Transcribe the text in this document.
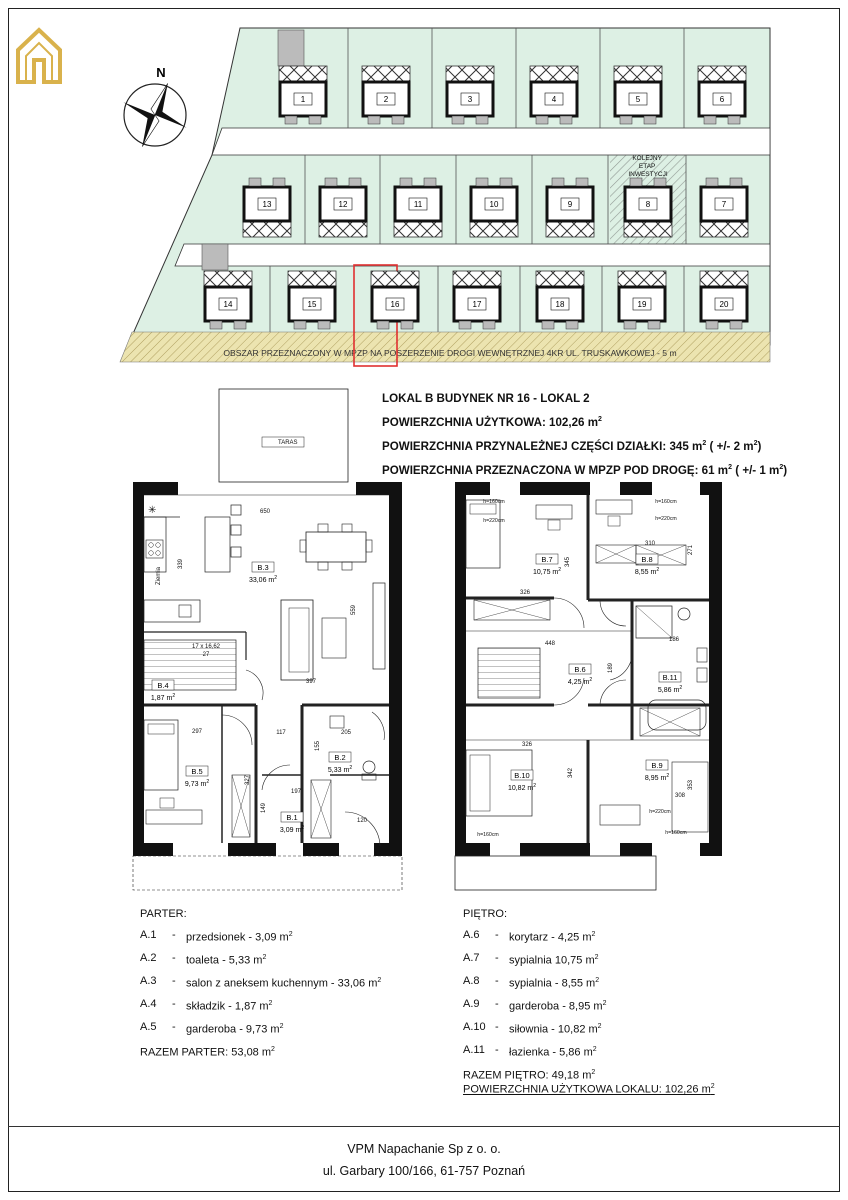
KOLEJNY ETAP INWESTYCJI
OBSZAR PRZEZNACZONY W MPZP NA POSZERZENIE DROGI WEWNĘTRZNEJ 4KR UL. TRUSKAWKOWEJ - 5 m
N
1	2	3	4	5	6
13	12	11	10	9	8	7
14	15	16	17	18	19	20
LOKAL B BUDYNEK NR 16 - LOKAL 2
POWIERZCHNIA UŻYTKOWA: 102,26 $m^2$
POWIERZCHNIA PRZYNALEŻNEJ CZĘŚCI DZIAŁKI: 345 $m^2$ ( +/- 2 $m^2$)
POWIERZCHNIA PRZEZNACZONA W MPZP POD DROGĘ: 61 $m^2$ ( +/- 1 $m^2$)
TARAS
Ziemia
✳	650
339
559
397
297
327
117
155
205
197
149
120
17 x 16,62
27
B.3
33,06 $m^2$
B.4
1,87 $m^2$
B.5
9,73 $m^2$
B.2
5,33 $m^2$
B.1
3,09 $m^2$
326
345
310
271
448
189
186
326
342
308
353
h=160cm
h=220cm
h=160cm
h=220cm
h=220cm
h=160cm	h=160cm
B.7
10,75 $m^2$
B.8
8,55 $m^2$
B.6
4,25 $m^2$	B.11
5,86 $m^2$
B.10
10,82 $m^2$
B.9
8,95 $m^2$
PARTER:
A.1	- przedsionek - 3,09 $m^2$
A.2	- toaleta - 5,33 $m^2$
A.3	- salon z aneksem kuchennym - 33,06 $m^2$
A.4	- składzik - 1,87 $m^2$
A.5	- garderoba - 9,73 $m^2$
RAZEM PARTER: 53,08 $m^2$
PIĘTRO:
A.6	- korytarz - 4,25 $m^2$
A.7	- sypialnia 10,75 $m^2$
A.8	- sypialnia - 8,55 $m^2$
A.9	- garderoba - 8,95 $m^2$
A.10 - siłownia - 10,82 $m^2$
A.11 - łazienka - 5,86 $m^2$
RAZEM PIĘTRO: 49,18 $m^2$
POWIERZCHNIA UŻYTKOWA LOKALU: 102,26 $m^2$
VPM Napachanie Sp z o. o.
ul. Garbary 100/166, 61-757 Poznań
